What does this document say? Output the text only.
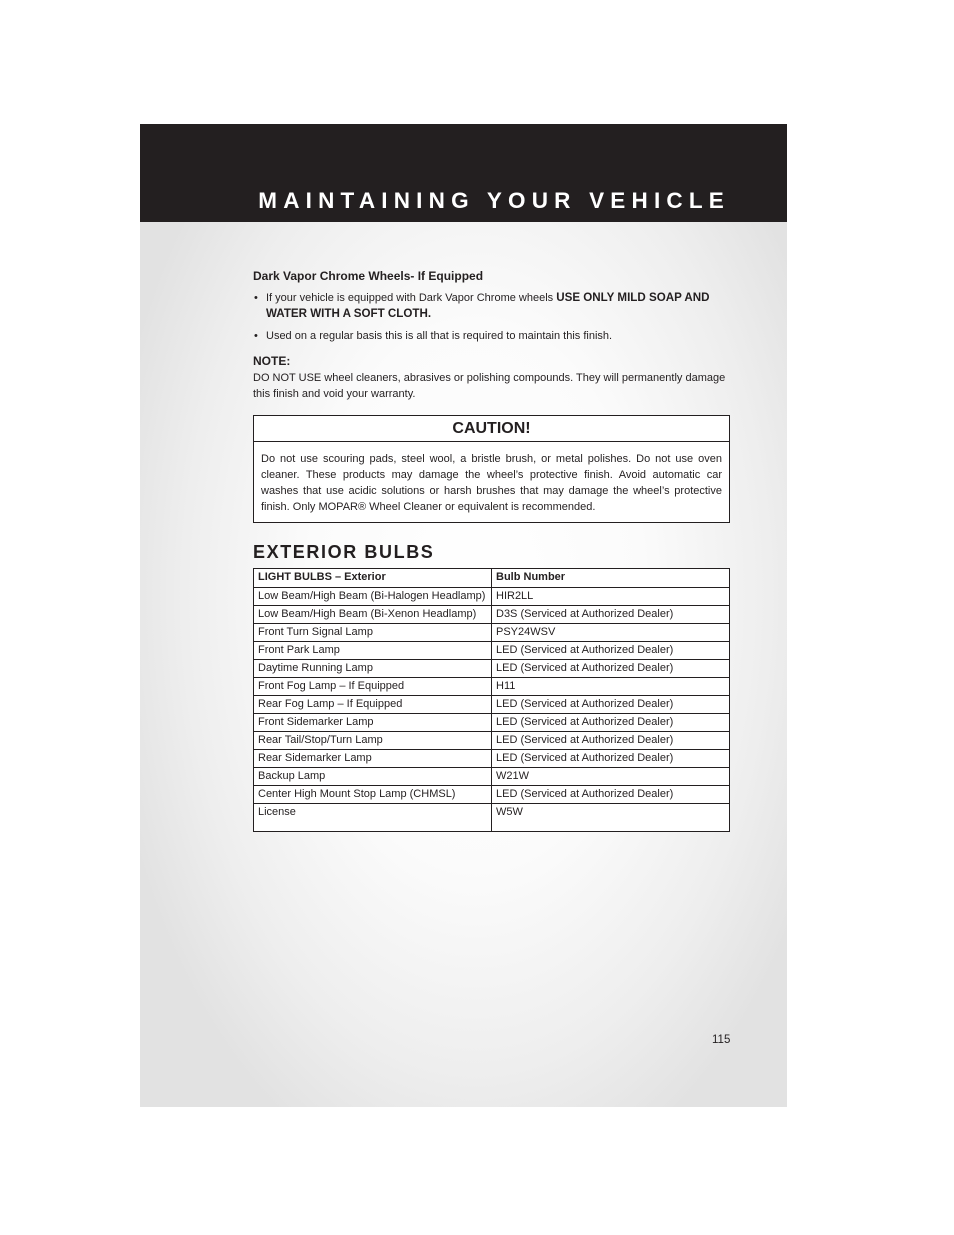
MAINTAINING YOUR VEHICLE
Dark Vapor Chrome Wheels- If Equipped
• If your vehicle is equipped with Dark Vapor Chrome wheels USE ONLY MILD SOAP AND WATER WITH A SOFT CLOTH.
• Used on a regular basis this is all that is required to maintain this finish.
NOTE:
DO NOT USE wheel cleaners, abrasives or polishing compounds. They will permanently damage this finish and void your warranty.
CAUTION!
Do not use scouring pads, steel wool, a bristle brush, or metal polishes. Do not use oven cleaner. These products may damage the wheel’s protective finish. Avoid automatic car washes that use acidic solutions or harsh brushes that may damage the wheel’s protective finish. Only MOPAR® Wheel Cleaner or equivalent is recommended.
EXTERIOR BULBS
LIGHT BULBS – Exterior	Bulb Number
Low Beam/High Beam (Bi-Halogen Headlamp)	HIR2LL
Low Beam/High Beam (Bi-Xenon Headlamp)	D3S (Serviced at Authorized Dealer)
Front Turn Signal Lamp	PSY24WSV
Front Park Lamp	LED (Serviced at Authorized Dealer)
Daytime Running Lamp	LED (Serviced at Authorized Dealer)
Front Fog Lamp – If Equipped	H11
Rear Fog Lamp – If Equipped	LED (Serviced at Authorized Dealer)
Front Sidemarker Lamp	LED (Serviced at Authorized Dealer)
Rear Tail/Stop/Turn Lamp	LED (Serviced at Authorized Dealer)
Rear Sidemarker Lamp	LED (Serviced at Authorized Dealer)
Backup Lamp	W21W
Center High Mount Stop Lamp (CHMSL)	LED (Serviced at Authorized Dealer)
License	W5W
115
